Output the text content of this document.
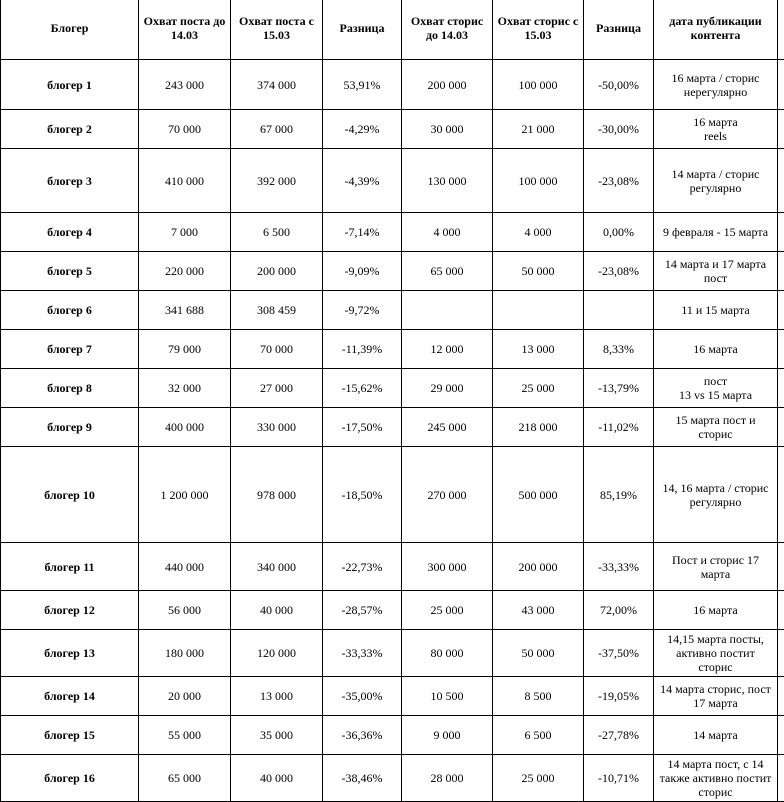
Блогер	Охват поста до 14.03	Охват поста с 15.03	Разница	Охват сторис до 14.03	Охват сторис с 15.03	Разница	дата публикации контента	
блогер 1	243 000	374 000	53,91%	200 000	100 000	-50,00%	16 марта / сторис
нерегулярно	

блогер 2	70 000	67 000	-4,29%	30 000	21 000	-30,00%	16 марта
reels	

блогер 3	410 000	392 000	-4,39%	130 000	100 000	-23,08%	14 марта / сторис
регулярно	

блогер 4	7 000	6 500	-7,14%	4 000	4 000	0,00%	9 февраля - 15 марта	

блогер 5	220 000	200 000	-9,09%	65 000	50 000	-23,08%	14 марта и 17 марта
пост	

блогер 6	341 688	308 459	-9,72%				11 и 15 марта	

блогер 7	79 000	70 000	-11,39%	12 000	13 000	8,33%	16 марта	

блогер 8	32 000	27 000	-15,62%	29 000	25 000	-13,79%	пост
13 vs 15 марта	

блогер 9	400 000	330 000	-17,50%	245 000	218 000	-11,02%	15 марта пост и
сторис	

блогер 10	1 200 000	978 000	-18,50%	270 000	500 000	85,19%	14, 16 марта / сторис
регулярно	

блогер 11	440 000	340 000	-22,73%	300 000	200 000	-33,33%	Пост и сторис 17
марта	

блогер 12	56 000	40 000	-28,57%	25 000	43 000	72,00%	16 марта	

блогер 13	180 000	120 000	-33,33%	80 000	50 000	-37,50%	14,15 марта посты,
активно постит
сторис	

блогер 14	20 000	13 000	-35,00%	10 500	8 500	-19,05%	14 марта сторис, пост
17 марта	

блогер 15	55 000	35 000	-36,36%	9 000	6 500	-27,78%	14 марта	

блогер 16	65 000	40 000	-38,46%	28 000	25 000	-10,71%	14 марта пост, с 14
также активно постит
сторис	
